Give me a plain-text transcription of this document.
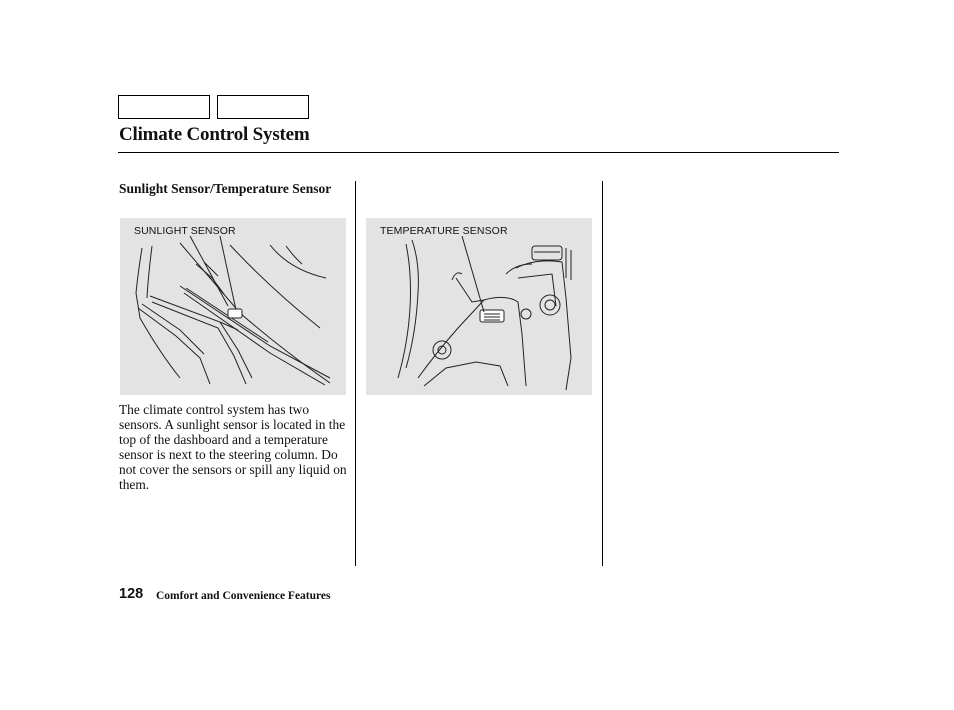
Climate Control System
Sunlight Sensor/Temperature Sensor
SUNLIGHT SENSOR	TEMPERATURE SENSOR

The climate control system has two sensors. A sunlight sensor is located in the top of the dashboard and a temperature sensor is next to the steering column. Do not cover the sensors or spill any liquid on them.

128 Comfort and Convenience Features
